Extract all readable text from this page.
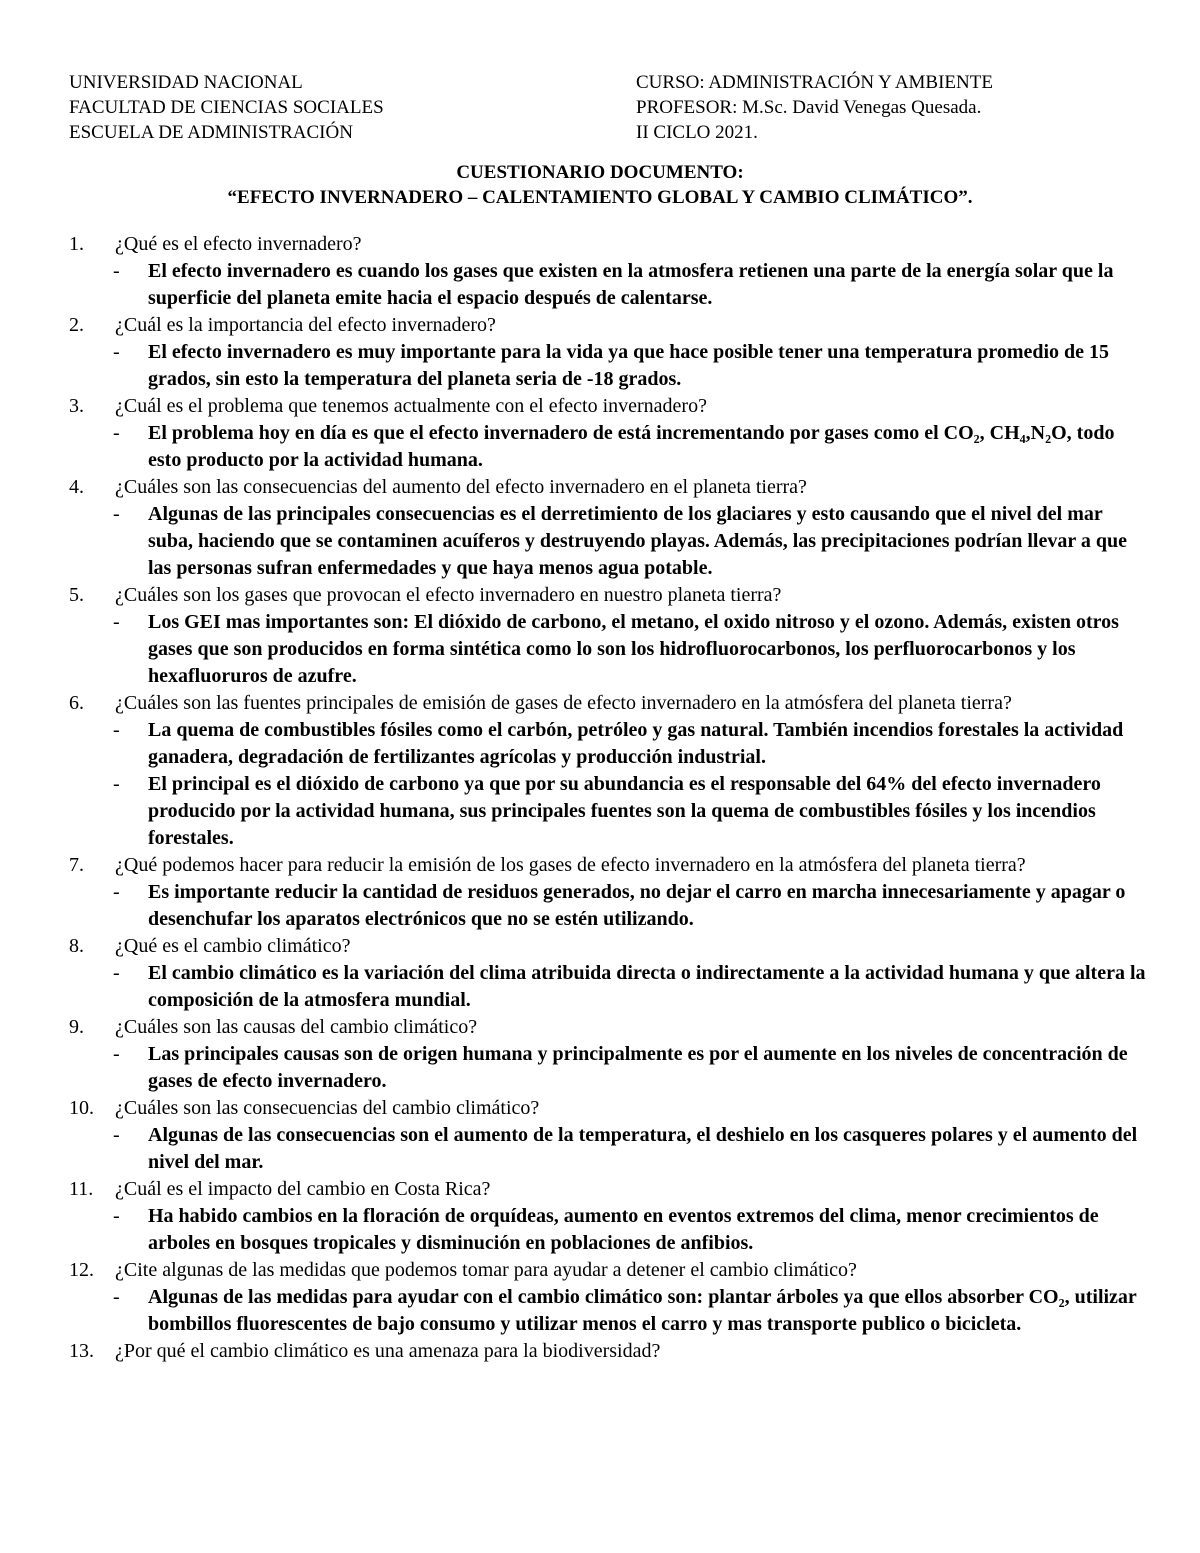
UNIVERSIDAD NACIONAL
FACULTAD DE CIENCIAS SOCIALES
ESCUELA DE ADMINISTRACIÓN
CURSO: ADMINISTRACIÓN Y AMBIENTE
PROFESOR: M.Sc. David Venegas Quesada.
II CICLO 2021.
CUESTIONARIO DOCUMENTO:
“EFECTO INVERNADERO – CALENTAMIENTO GLOBAL Y CAMBIO CLIMÁTICO”.
1. ¿Qué es el efecto invernadero?
- El efecto invernadero es cuando los gases que existen en la atmosfera retienen una parte de la energía solar que la superficie del planeta emite hacia el espacio después de calentarse.
2. ¿Cuál es la importancia del efecto invernadero?
- El efecto invernadero es muy importante para la vida ya que hace posible tener una temperatura promedio de 15 grados, sin esto la temperatura del planeta seria de -18 grados.
3. ¿Cuál es el problema que tenemos actualmente con el efecto invernadero?
- El problema hoy en día es que el efecto invernadero de está incrementando por gases como el CO₂, CH₄,N₂O, todo esto producto por la actividad humana.
4. ¿Cuáles son las consecuencias del aumento del efecto invernadero en el planeta tierra?
- Algunas de las principales consecuencias es el derretimiento de los glaciares y esto causando que el nivel del mar suba, haciendo que se contaminen acuíferos y destruyendo playas. Además, las precipitaciones podrían llevar a que las personas sufran enfermedades y que haya menos agua potable.
5. ¿Cuáles son los gases que provocan el efecto invernadero en nuestro planeta tierra?
- Los GEI mas importantes son: El dióxido de carbono, el metano, el oxido nitroso y el ozono. Además, existen otros gases que son producidos en forma sintética como lo son los hidrofluorocarbonos, los perfluorocarbonos y los hexafluoruros de azufre.
6. ¿Cuáles son las fuentes principales de emisión de gases de efecto invernadero en la atmósfera del planeta tierra?
- La quema de combustibles fósiles como el carbón, petróleo y gas natural. También incendios forestales la actividad ganadera, degradación de fertilizantes agrícolas y producción industrial.
- El principal es el dióxido de carbono ya que por su abundancia es el responsable del 64% del efecto invernadero producido por la actividad humana, sus principales fuentes son la quema de combustibles fósiles y los incendios forestales.
7. ¿Qué podemos hacer para reducir la emisión de los gases de efecto invernadero en la atmósfera del planeta tierra?
- Es importante reducir la cantidad de residuos generados, no dejar el carro en marcha innecesariamente y apagar o desenchufar los aparatos electrónicos que no se estén utilizando.
8. ¿Qué es el cambio climático?
- El cambio climático es la variación del clima atribuida directa o indirectamente a la actividad humana y que altera la composición de la atmosfera mundial.
9. ¿Cuáles son las causas del cambio climático?
- Las principales causas son de origen humana y principalmente es por el aumente en los niveles de concentración de gases de efecto invernadero.
10. ¿Cuáles son las consecuencias del cambio climático?
- Algunas de las consecuencias son el aumento de la temperatura, el deshielo en los casqueres polares y el aumento del nivel del mar.
11. ¿Cuál es el impacto del cambio en Costa Rica?
- Ha habido cambios en la floración de orquídeas, aumento en eventos extremos del clima, menor crecimientos de arboles en bosques tropicales y disminución en poblaciones de anfibios.
12. ¿Cite algunas de las medidas que podemos tomar para ayudar a detener el cambio climático?
- Algunas de las medidas para ayudar con el cambio climático son: plantar árboles ya que ellos absorber CO₂, utilizar bombillos fluorescentes de bajo consumo y utilizar menos el carro y mas transporte publico o bicicleta.
13. ¿Por qué el cambio climático es una amenaza para la biodiversidad?
